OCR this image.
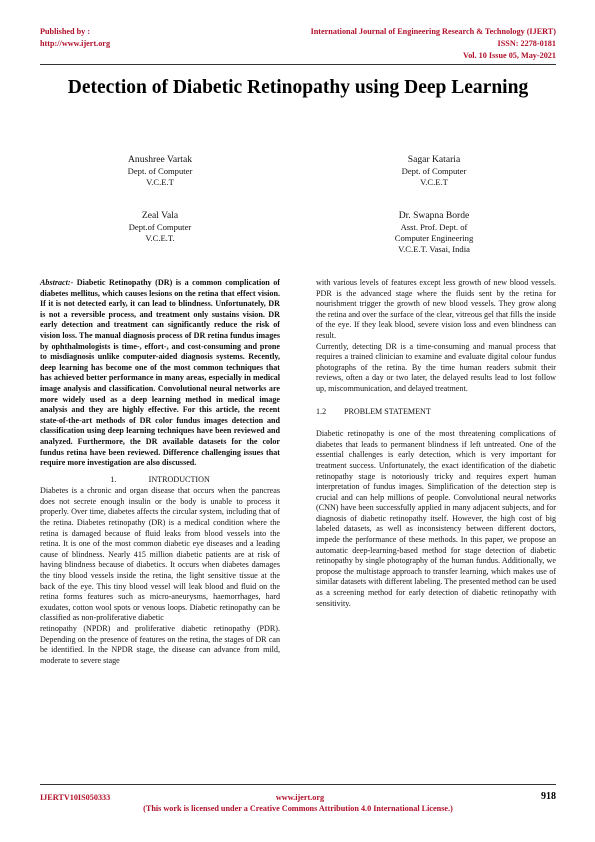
Published by :
http://www.ijert.org
International Journal of Engineering Research & Technology (IJERT)
ISSN: 2278-0181
Vol. 10 Issue 05, May-2021
Detection of Diabetic Retinopathy using Deep Learning
Anushree Vartak
Dept. of Computer
V.C.E.T
Sagar Kataria
Dept. of Computer
V.C.E.T
Zeal Vala
Dept.of Computer
V.C.E.T.
Dr. Swapna Borde
Asst. Prof. Dept. of
Computer Engineering
V.C.E.T. Vasai, India

Abstract:- Diabetic Retinopathy (DR) is a common complication of diabetes mellitus, which causes lesions on the retina that effect vision. If it is not detected early, it can lead to blindness. Unfortunately, DR is not a reversible process, and treatment only sustains vision. DR early detection and treatment can significantly reduce the risk of vision loss. The manual diagnosis process of DR retina fundus images by ophthalmologists is time-, effort-, and cost-consuming and prone to misdiagnosis unlike computer-aided diagnosis systems. Recently, deep learning has become one of the most common techniques that has achieved better performance in many areas, especially in medical image analysis and classification. Convolutional neural networks are more widely used as a deep learning method in medical image analysis and they are highly effective. For this article, the recent state-of-the-art methods of DR color fundus images detection and classification using deep learning techniques have been reviewed and analyzed. Furthermore, the DR available datasets for the color fundus retina have been reviewed. Difference challenging issues that require more investigation are also discussed.

1.	INTRODUCTION

Diabetes is a chronic and organ disease that occurs when the pancreas does not secrete enough insulin or the body is unable to process it properly. Over time, diabetes affects the circular system, including that of the retina. Diabetes retinopathy (DR) is a medical condition where the retina is damaged because of fluid leaks from blood vessels into the retina. It is one of the most common diabetic eye diseases and a leading cause of blindness. Nearly 415 million diabetic patients are at risk of having blindness because of diabetics. It occurs when diabetes damages the tiny blood vessels inside the retina, the light sensitive tissue at the back of the eye. This tiny blood vessel will leak blood and fluid on the retina forms features such as micro-aneurysms, haemorrhages, hard exudates, cotton wool spots or venous loops. Diabetic retinopathy can be classified as non-proliferative diabetic

retinopathy (NPDR) and proliferative diabetic retinopathy (PDR). Depending on the presence of features on the retina, the stages of DR can be identified. In the NPDR stage, the disease can advance from mild, moderate to severe stage

with various levels of features except less growth of new blood vessels. PDR is the advanced stage where the fluids sent by the retina for nourishment trigger the growth of new blood vessels. They grow along the retina and over the surface of the clear, vitreous gel that fills the inside of the eye. If they leak blood, severe vision loss and even blindness can result.

Currently, detecting DR is a time-consuming and manual process that requires a trained clinician to examine and evaluate digital colour fundus photographs of the retina. By the time human readers submit their reviews, often a day or two later, the delayed results lead to lost follow up, miscommunication, and delayed treatment.

1.2 PROBLEM STATEMENT

Diabetic retinopathy is one of the most threatening complications of diabetes that leads to permanent blindness if left untreated. One of the essential challenges is early detection, which is very important for treatment success. Unfortunately, the exact identification of the diabetic retinopathy stage is notoriously tricky and requires expert human interpretation of fundus images. Simplification of the detection step is crucial and can help millions of people. Convolutional neural networks (CNN) have been successfully applied in many adjacent subjects, and for diagnosis of diabetic retinopathy itself. However, the high cost of big labeled datasets, as well as inconsistency between different doctors, impede the performance of these methods. In this paper, we propose an automatic deep-learning-based method for stage detection of diabetic retinopathy by single photography of the human fundus. Additionally, we propose the multistage approach to transfer learning, which makes use of similar datasets with different labeling. The presented method can be used as a screening method for early detection of diabetic retinopathy with sensitivity.

IJERTV10IS050333	www.ijert.org	918
(This work is licensed under a Creative Commons Attribution 4.0 International License.)
